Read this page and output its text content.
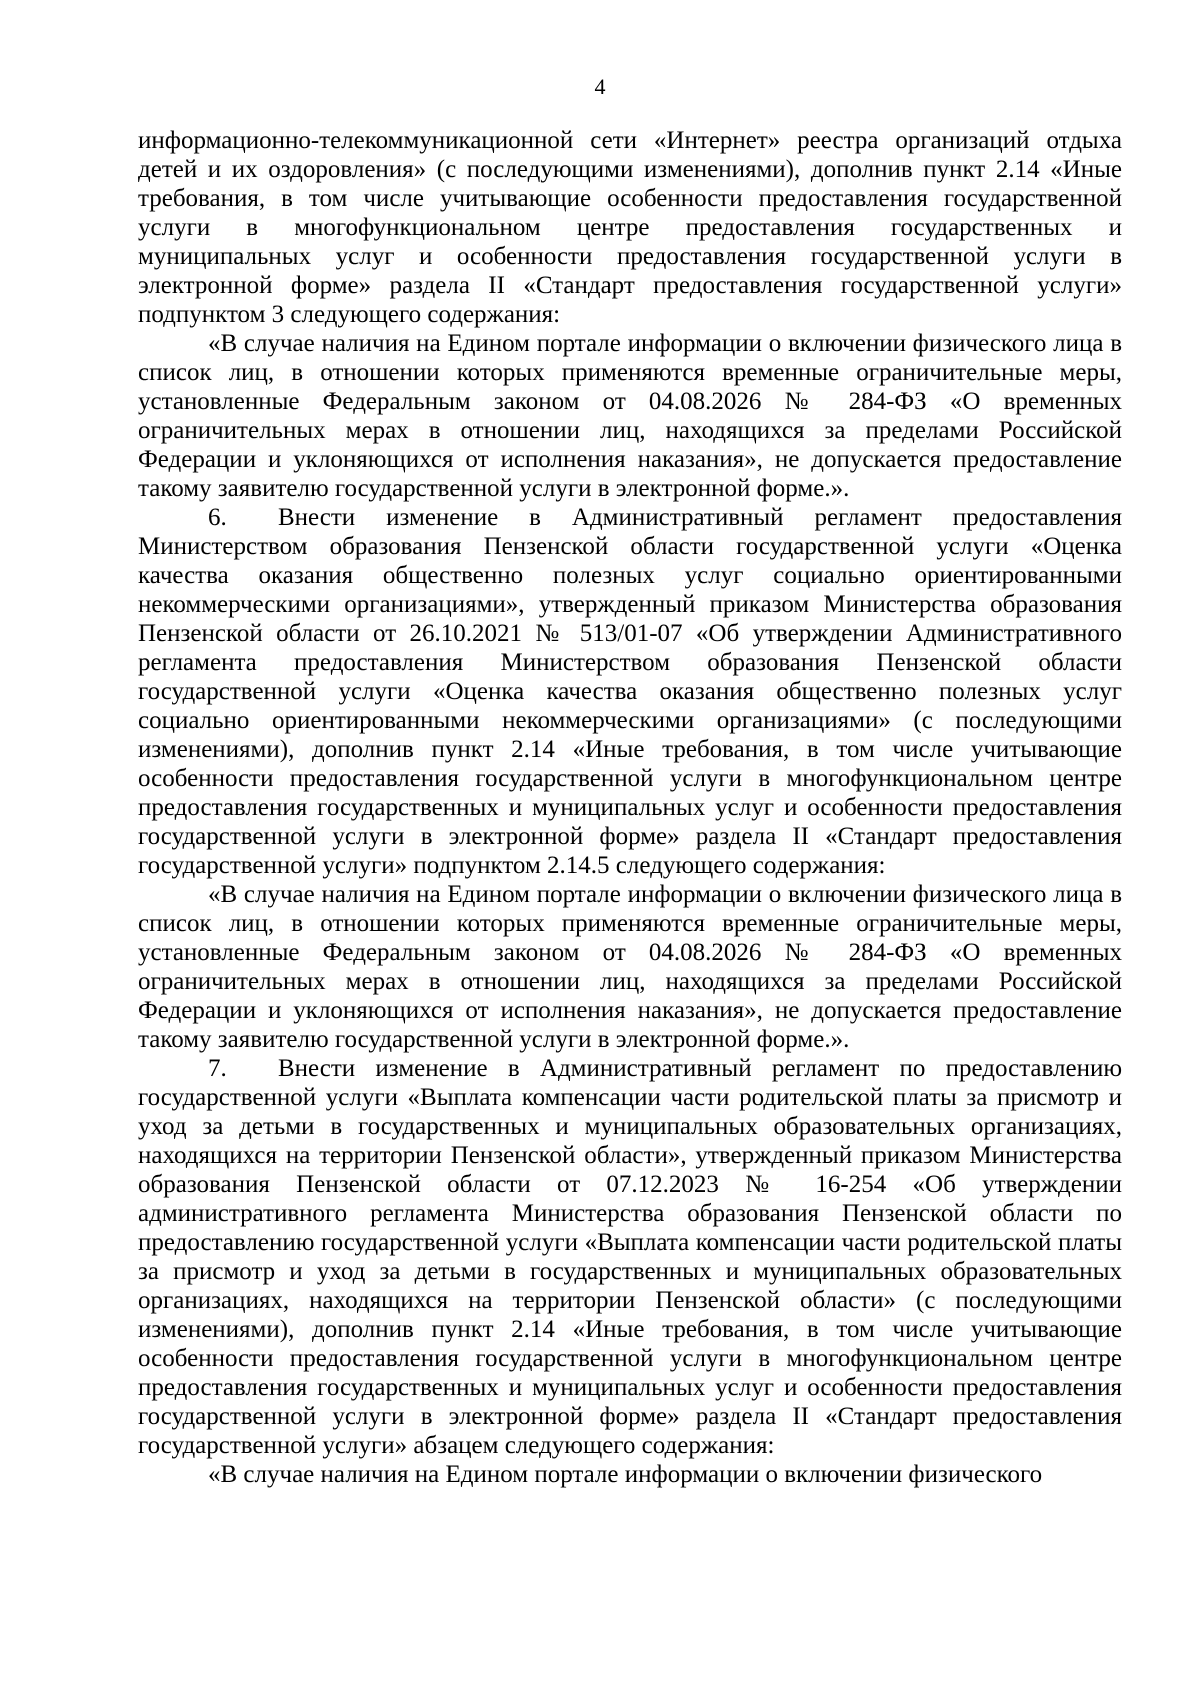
4

информационно-телекоммуникационной сети «Интернет» реестра организаций отдыха детей и их оздоровления» (с последующими изменениями), дополнив пункт 2.14 «Иные требования, в том числе учитывающие особенности предоставления государственной услуги в многофункциональном центре предоставления государственных и муниципальных услуг и особенности предоставления государственной услуги в электронной форме» раздела II «Стандарт предоставления государственной услуги» подпунктом 3 следующего содержания:

«В случае наличия на Едином портале информации о включении физического лица в список лиц, в отношении которых применяются временные ограничительные меры, установленные Федеральным законом от 04.08.2026 № 284-ФЗ «О временных ограничительных мерах в отношении лиц, находящихся за пределами Российской Федерации и уклоняющихся от исполнения наказания», не допускается предоставление такому заявителю государственной услуги в электронной форме.».

6. Внести изменение в Административный регламент предоставления Министерством образования Пензенской области государственной услуги «Оценка качества оказания общественно полезных услуг социально ориентированными некоммерческими организациями», утвержденный приказом Министерства образования Пензенской области от 26.10.2021 № 513/01-07 «Об утверждении Административного регламента предоставления Министерством образования Пензенской области государственной услуги «Оценка качества оказания общественно полезных услуг социально ориентированными некоммерческими организациями» (с последующими изменениями), дополнив пункт 2.14 «Иные требования, в том числе учитывающие особенности предоставления государственной услуги в многофункциональном центре предоставления государственных и муниципальных услуг и особенности предоставления государственной услуги в электронной форме» раздела II «Стандарт предоставления государственной услуги» подпунктом 2.14.5 следующего содержания:

«В случае наличия на Едином портале информации о включении физического лица в список лиц, в отношении которых применяются временные ограничительные меры, установленные Федеральным законом от 04.08.2026 № 284-ФЗ «О временных ограничительных мерах в отношении лиц, находящихся за пределами Российской Федерации и уклоняющихся от исполнения наказания», не допускается предоставление такому заявителю государственной услуги в электронной форме.».

7. Внести изменение в Административный регламент по предоставлению государственной услуги «Выплата компенсации части родительской платы за присмотр и уход за детьми в государственных и муниципальных образовательных организациях, находящихся на территории Пензенской области», утвержденный приказом Министерства образования Пензенской области от 07.12.2023 № 16-254 «Об утверждении административного регламента Министерства образования Пензенской области по предоставлению государственной услуги «Выплата компенсации части родительской платы за присмотр и уход за детьми в государственных и муниципальных образовательных организациях, находящихся на территории Пензенской области» (с последующими изменениями), дополнив пункт 2.14 «Иные требования, в том числе учитывающие особенности предоставления государственной услуги в многофункциональном центре предоставления государственных и муниципальных услуг и особенности предоставления государственной услуги в электронной форме» раздела II «Стандарт предоставления государственной услуги» абзацем следующего содержания:

«В случае наличия на Едином портале информации о включении физического
